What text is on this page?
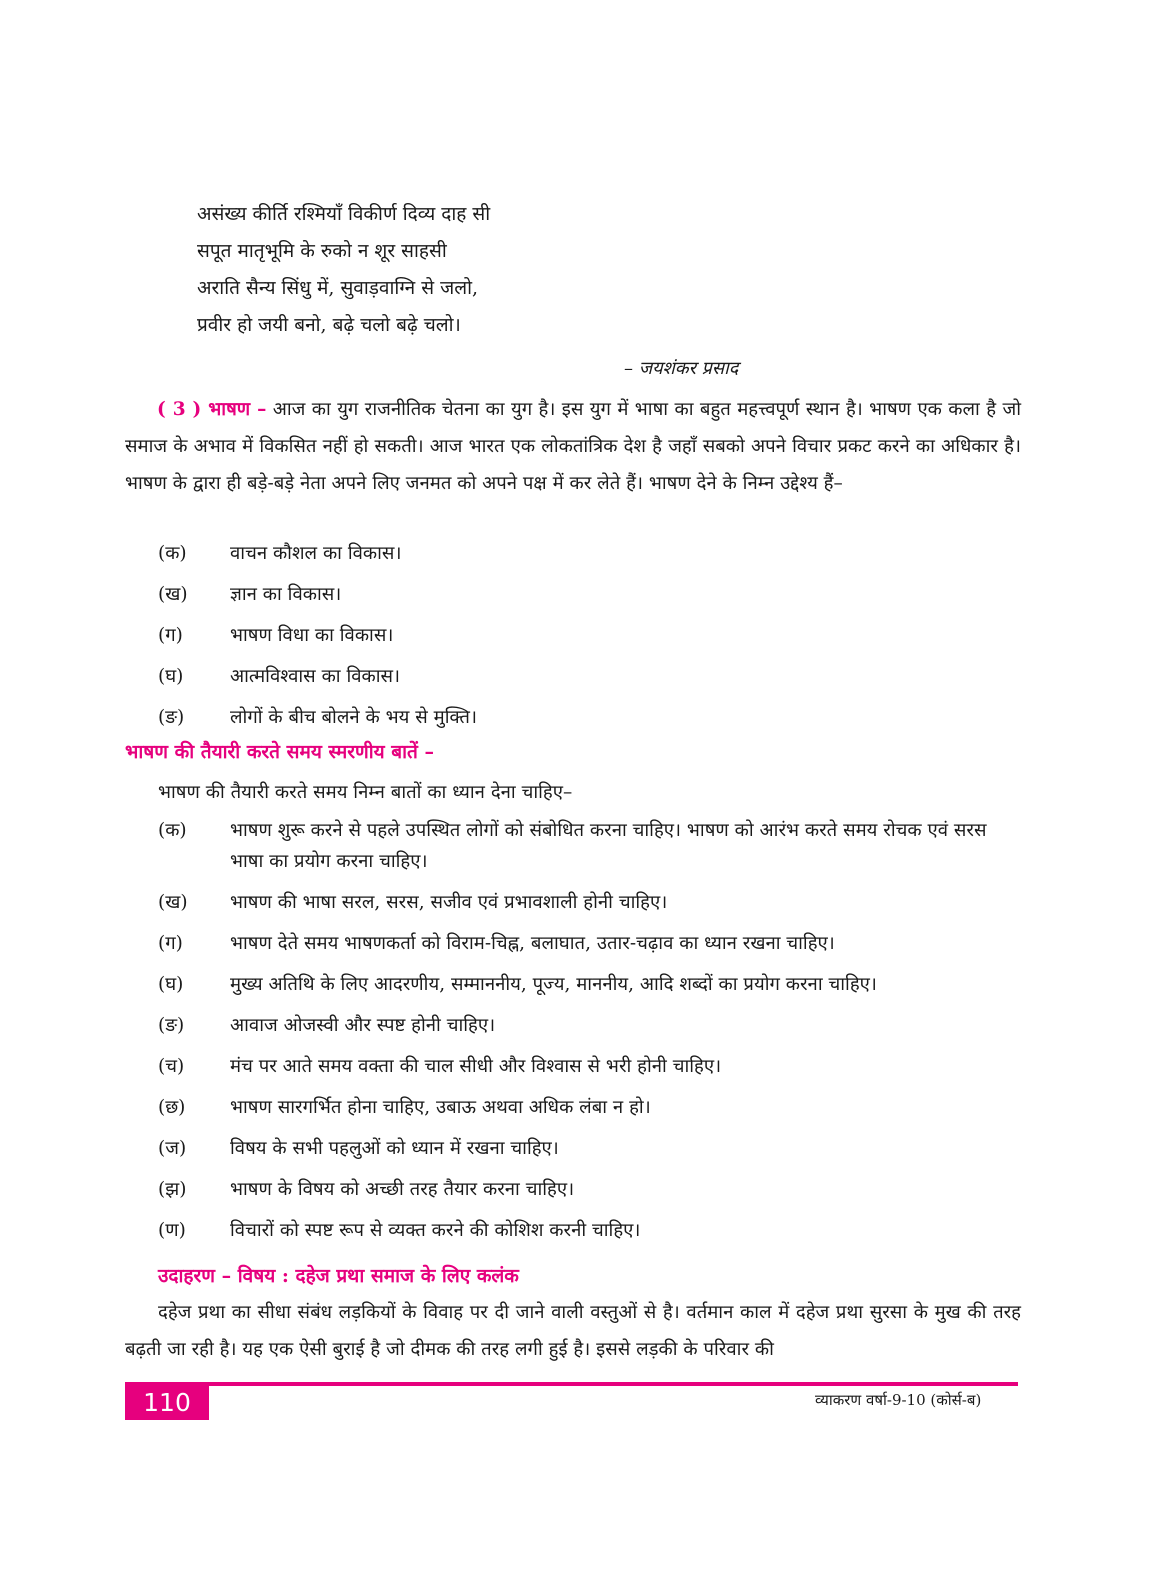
असंख्य कीर्ति रश्मियाँ विकीर्ण दिव्य दाह सी
सपूत मातृभूमि के रुको न शूर साहसी
अराति सैन्य सिंधु में, सुवाड़वाग्नि से जलो,
प्रवीर हो जयी बनो, बढ़े चलो बढ़े चलो।
– जयशंकर प्रसाद
( 3 ) भाषण – आज का युग राजनीतिक चेतना का युग है। इस युग में भाषा का बहुत महत्त्वपूर्ण स्थान है। भाषण एक कला है जो समाज के अभाव में विकसित नहीं हो सकती। आज भारत एक लोकतांत्रिक देश है जहाँ सबको अपने विचार प्रकट करने का अधिकार है। भाषण के द्वारा ही बड़े-बड़े नेता अपने लिए जनमत को अपने पक्ष में कर लेते हैं। भाषण देने के निम्न उद्देश्य हैं–
(क)	वाचन कौशल का विकास।
(ख)	ज्ञान का विकास।
(ग)	भाषण विधा का विकास।
(घ)	आत्मविश्वास का विकास।
(ङ)	लोगों के बीच बोलने के भय से मुक्ति।
भाषण की तैयारी करते समय स्मरणीय बातें –
भाषण की तैयारी करते समय निम्न बातों का ध्यान देना चाहिए–
(क)	भाषण शुरू करने से पहले उपस्थित लोगों को संबोधित करना चाहिए। भाषण को आरंभ करते समय रोचक एवं सरस भाषा का प्रयोग करना चाहिए।
(ख)	भाषण की भाषा सरल, सरस, सजीव एवं प्रभावशाली होनी चाहिए।
(ग)	भाषण देते समय भाषणकर्ता को विराम-चिह्न, बलाघात, उतार-चढ़ाव का ध्यान रखना चाहिए।
(घ)	मुख्य अतिथि के लिए आदरणीय, सम्माननीय, पूज्य, माननीय, आदि शब्दों का प्रयोग करना चाहिए।
(ङ)	आवाज ओजस्वी और स्पष्ट होनी चाहिए।
(च)	मंच पर आते समय वक्ता की चाल सीधी और विश्वास से भरी होनी चाहिए।
(छ)	भाषण सारगर्भित होना चाहिए, उबाऊ अथवा अधिक लंबा न हो।
(ज)	विषय के सभी पहलुओं को ध्यान में रखना चाहिए।
(झ)	भाषण के विषय को अच्छी तरह तैयार करना चाहिए।
(ण)	विचारों को स्पष्ट रूप से व्यक्त करने की कोशिश करनी चाहिए।
उदाहरण – विषय : दहेज प्रथा समाज के लिए कलंक
दहेज प्रथा का सीधा संबंध लड़कियों के विवाह पर दी जाने वाली वस्तुओं से है। वर्तमान काल में दहेज प्रथा सुरसा के मुख की तरह बढ़ती जा रही है। यह एक ऐसी बुराई है जो दीमक की तरह लगी हुई है। इससे लड़की के परिवार की
110	व्याकरण वर्षा-9-10 (कोर्स-ब)
